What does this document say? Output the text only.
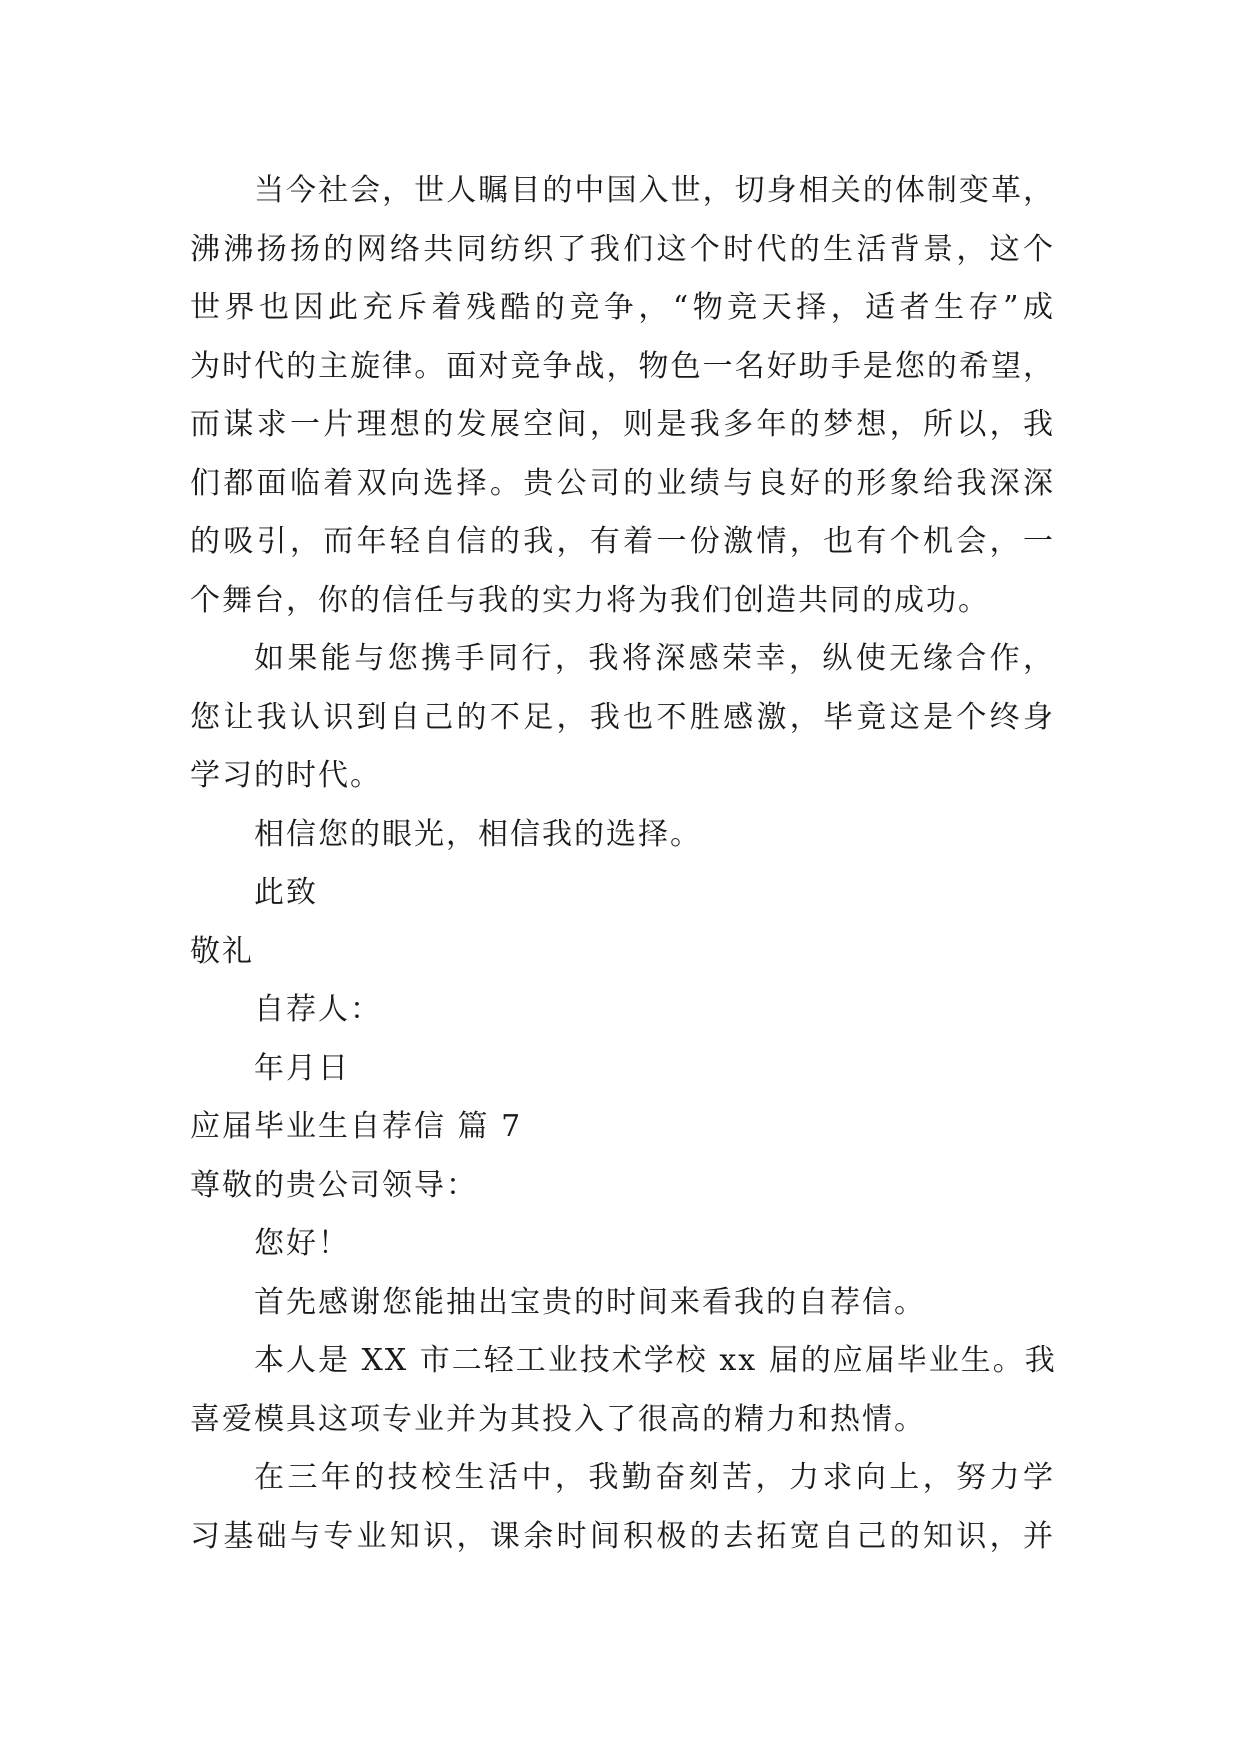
当今社会，世人瞩目的中国入世，切身相关的体制变革，
沸沸扬扬的网络共同纺织了我们这个时代的生活背景，这个
世界也因此充斥着残酷的竞争，“物竞天择，适者生存”成
为时代的主旋律。面对竞争战，物色一名好助手是您的希望，
而谋求一片理想的发展空间，则是我多年的梦想，所以，我
们都面临着双向选择。贵公司的业绩与良好的形象给我深深
的吸引，而年轻自信的我，有着一份激情，也有个机会，一
个舞台，你的信任与我的实力将为我们创造共同的成功。
如果能与您携手同行，我将深感荣幸，纵使无缘合作，
您让我认识到自己的不足，我也不胜感激，毕竟这是个终身
学习的时代。
相信您的眼光，相信我的选择。
此致
敬礼
自荐人：
年月日
应届毕业生自荐信 篇 7
尊敬的贵公司领导：
您好！
首先感谢您能抽出宝贵的时间来看我的自荐信。
本人是 XX 市二轻工业技术学校 xx 届的应届毕业生。我
喜爱模具这项专业并为其投入了很高的精力和热情。
在三年的技校生活中，我勤奋刻苦，力求向上，努力学
习基础与专业知识，课余时间积极的去拓宽自己的知识，并
